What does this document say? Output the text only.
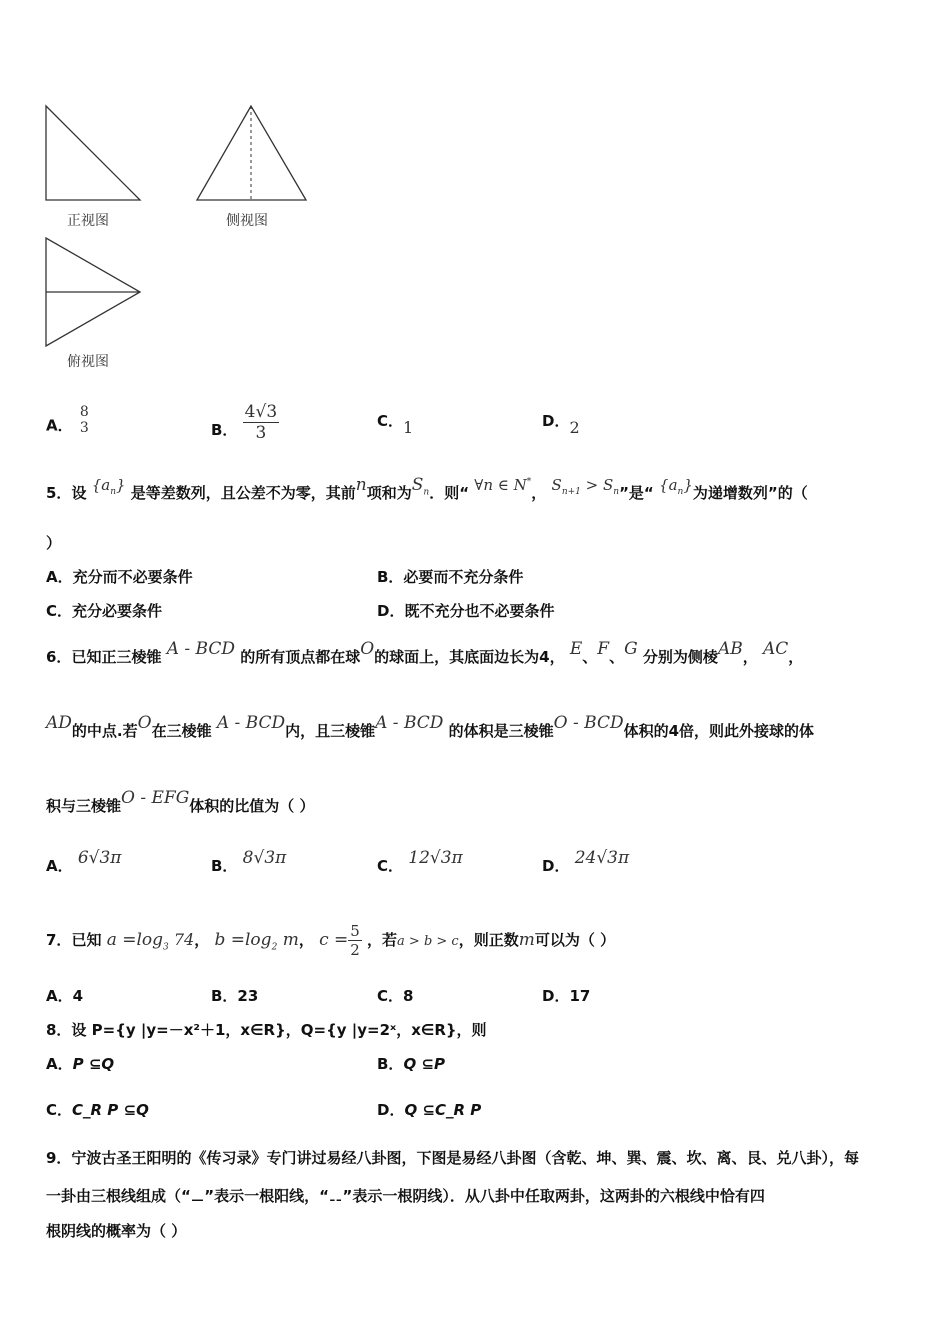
正视图	侧视图
俯视图
A．
8
3	B． $\frac{4√3}{3}$	C．1	D．2
5．设 $\{a_n\}$ 是等差数列，且公差不为零，其前n项和为$S_n$．则“ ∀n ∈ N*， $S_{n+1} > S_n$”是“ $\{a_n\}$为递增数列”的（
）
A．充分而不必要条件	B．必要而不充分条件
C．充分必要条件	D．既不充分也不必要条件
6．已知正三棱锥 A - BCD 的所有顶点都在球O的球面上，其底面边长为4， E、F、G 分别为侧棱AB， AC，
AD的中点.若O在三棱锥 A - BCD内，且三棱锥A - BCD 的体积是三棱锥O - BCD体积的4倍，则此外接球的体
积与三棱锥O - EFG体积的比值为（ ）
A． 6√3π	B． 8√3π	C． 12√3π	D． 24√3π
7．已知 $a =\log_3$ 74， $b =\log_2$ m， $c = \frac{5}{2}$ ，若a > b > c，则正数m可以为（ ）
A．4	B．23	C．8	D．17
8．设 P={y |y=－x²＋1，x∈R}，Q={y |y=2ˣ，x∈R}，则
A．P ⊆Q	B．Q ⊆P
C．C_R P ⊆Q	D．Q ⊆C_R P
9．宁波古圣王阳明的《传习录》专门讲过易经八卦图，下图是易经八卦图（含乾、坤、巽、震、坎、离、艮、兑八卦），每
一卦由三根线组成（“⚊”表示一根阳线，“⚋”表示一根阴线）．从八卦中任取两卦，这两卦的六根线中恰有四
根阴线的概率为（ ）
